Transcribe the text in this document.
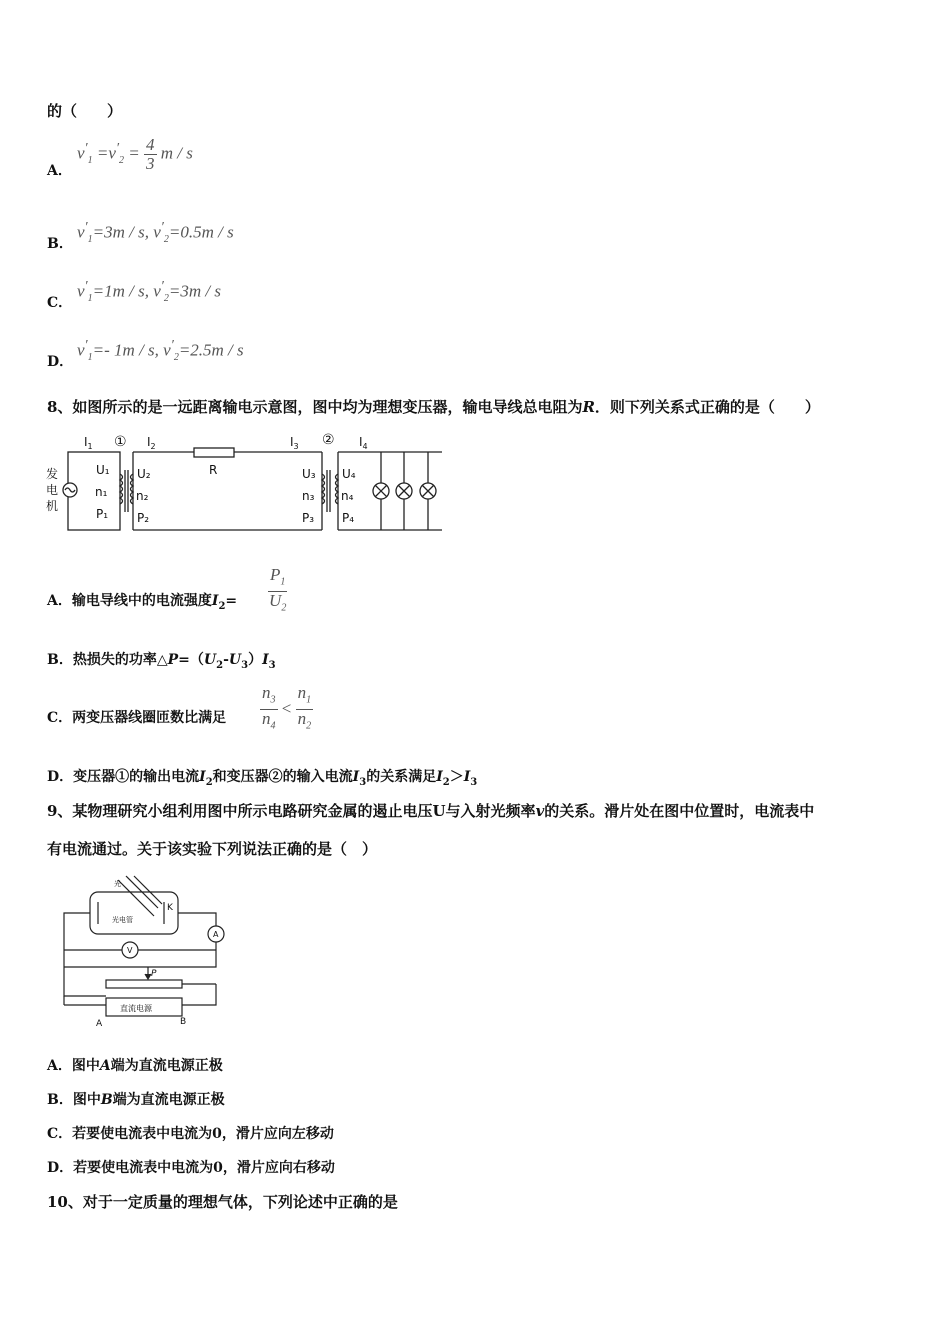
的（　　）
A．
$v'_1 =v'_2 = \frac{4}{3}$ m / s
B．
$v'_1=3m / s$, $v'_2=0.5m / s$
C．
$v'_1=1m / s$, $v'_2=3m / s$
D．
$v'_1=-$ 1m / s, $v'_2=2.5m / s$
8、如图所示的是一远距离输电示意图，图中均为理想变压器，输电导线总电阻为R．则下列关系式正确的是（　　）
$I_1$ ① $I_2$
R
$I_3$ ② $I_4$
发
电
机
U₁
n₁
P₁
U₂
n₂
P₂
U₃
n₃
P₃
U₄
n₄
P₄
A．输电导线中的电流强度$I_2= \frac{P_1}{U_2}$
B．热损失的功率$\triangle P=(U_2-U_3)I_3$
C．两变压器线圈匝数比满足 $\frac{n_3}{n_4} < \frac{n_1}{n_2}$
D．变压器①的输出电流$I_2$和变压器②的输入电流$I_3$的关系满足$I_2>I_3$
9、某物理研究小组利用图中所示电路研究金属的遏止电压U与入射光频率v的关系。滑片处在图中位置时，电流表中
有电流通过。关于该实验下列说法正确的是（　）
光
光电管
K
A
V
P
直流电源
A	B
A．图中A端为直流电源正极
B．图中B端为直流电源正极
C．若要使电流表中电流为0，滑片应向左移动
D．若要使电流表中电流为0，滑片应向右移动
10、对于一定质量的理想气体，下列论述中正确的是
